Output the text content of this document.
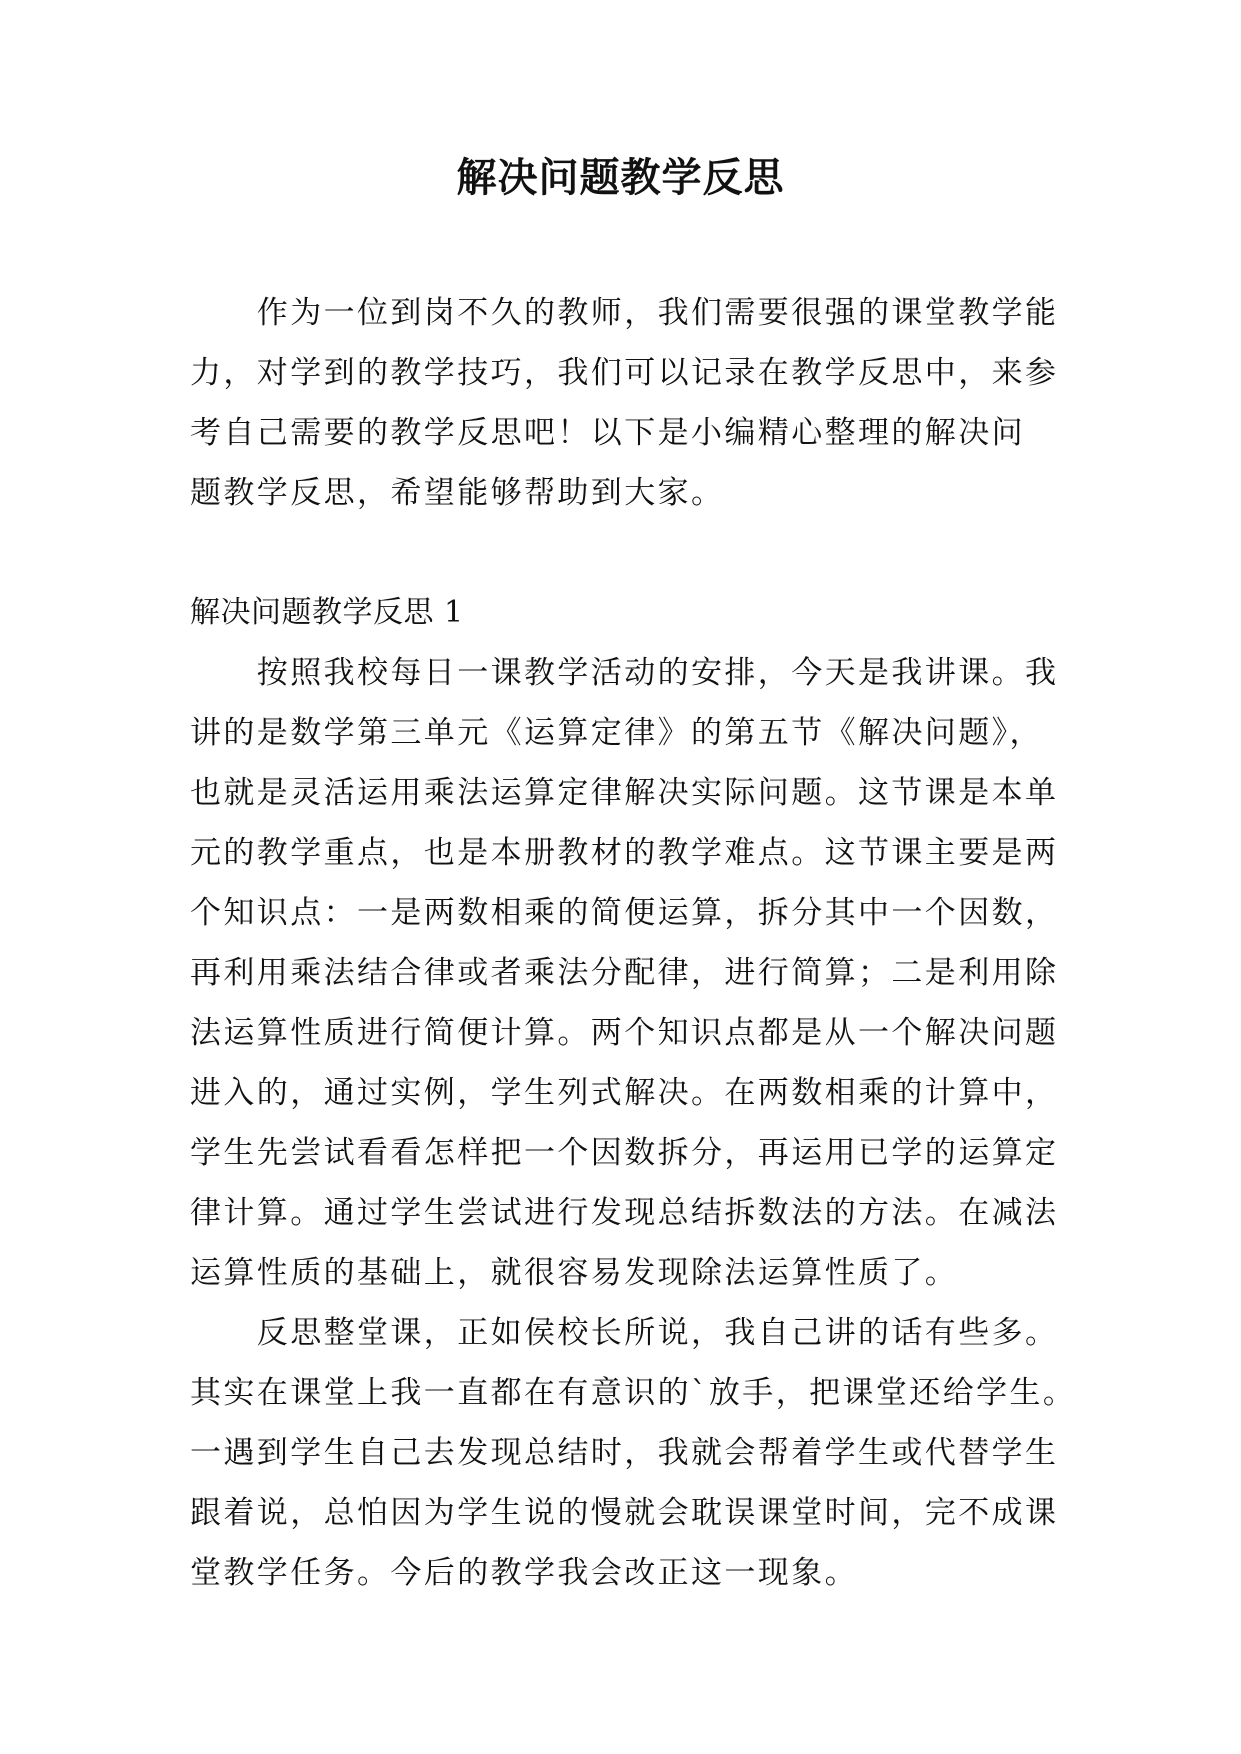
解决问题教学反思
　　作为一位到岗不久的教师，我们需要很强的课堂教学能
力，对学到的教学技巧，我们可以记录在教学反思中，来参
考自己需要的教学反思吧！以下是小编精心整理的解决问
题教学反思，希望能够帮助到大家。
解决问题教学反思 1
　　按照我校每日一课教学活动的安排，今天是我讲课。我
讲的是数学第三单元《运算定律》的第五节《解决问题》，
也就是灵活运用乘法运算定律解决实际问题。这节课是本单
元的教学重点，也是本册教材的教学难点。这节课主要是两
个知识点：一是两数相乘的简便运算，拆分其中一个因数，
再利用乘法结合律或者乘法分配律，进行简算；二是利用除
法运算性质进行简便计算。两个知识点都是从一个解决问题
进入的，通过实例，学生列式解决。在两数相乘的计算中，
学生先尝试看看怎样把一个因数拆分，再运用已学的运算定
律计算。通过学生尝试进行发现总结拆数法的方法。在减法
运算性质的基础上，就很容易发现除法运算性质了。
　　反思整堂课，正如侯校长所说，我自己讲的话有些多。
其实在课堂上我一直都在有意识的`放手，把课堂还给学生。
一遇到学生自己去发现总结时，我就会帮着学生或代替学生
跟着说，总怕因为学生说的慢就会耽误课堂时间，完不成课
堂教学任务。今后的教学我会改正这一现象。
